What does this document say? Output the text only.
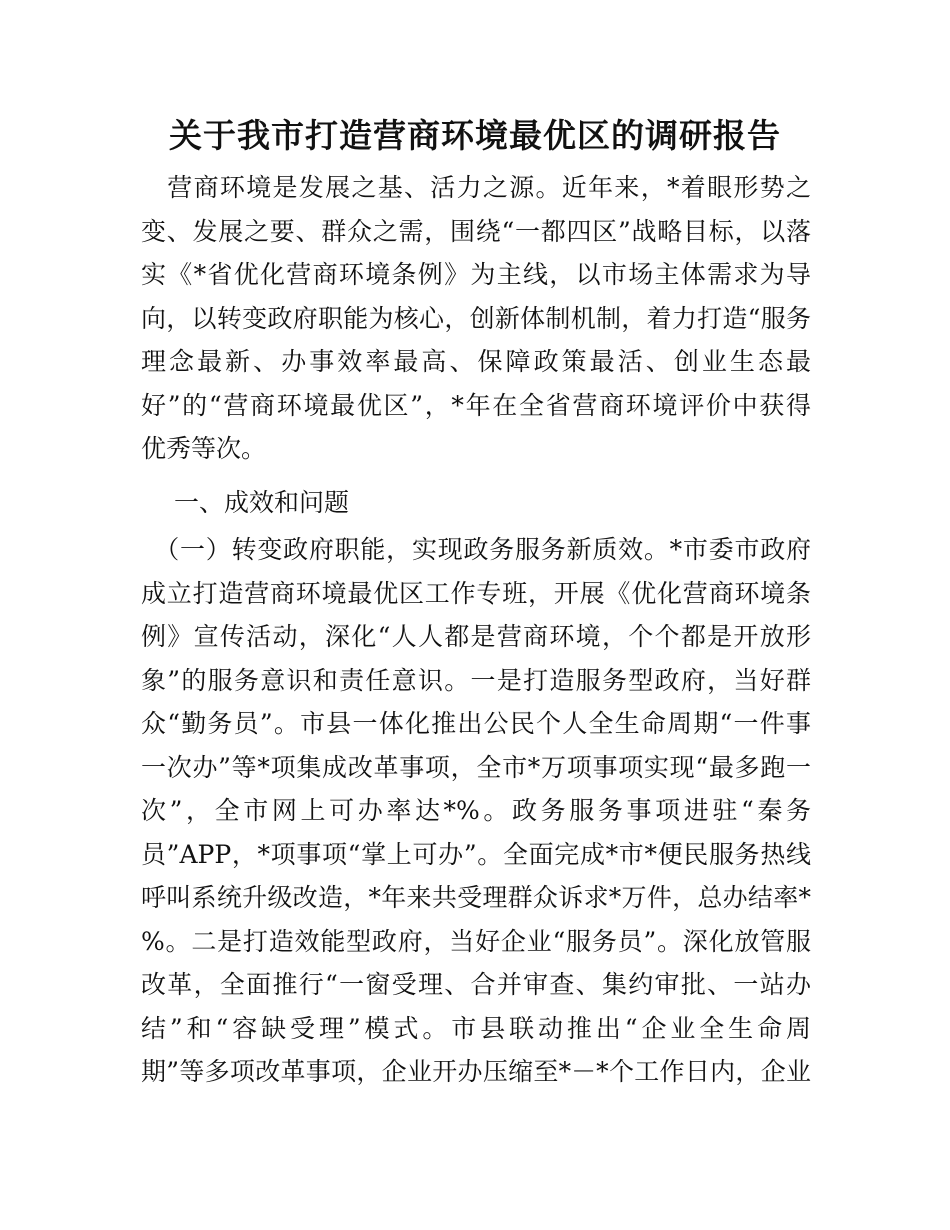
关于我市打造营商环境最优区的调研报告
　营商环境是发展之基、活力之源。近年来，*着眼形势之
变、发展之要、群众之需，围绕“一都四区”战略目标，以落
实《*省优化营商环境条例》为主线，以市场主体需求为导
向，以转变政府职能为核心，创新体制机制，着力打造“服务
理念最新、办事效率最高、保障政策最活、创业生态最
好”的“营商环境最优区”，*年在全省营商环境评价中获得
优秀等次。

一、成效和问题

　（一）转变政府职能，实现政务服务新质效。*市委市政府
成立打造营商环境最优区工作专班，开展《优化营商环境条
例》宣传活动，深化“人人都是营商环境，个个都是开放形
象”的服务意识和责任意识。一是打造服务型政府，当好群
众“勤务员”。市县一体化推出公民个人全生命周期“一件事
一次办”等*项集成改革事项，全市*万项事项实现“最多跑一
次”，全市网上可办率达*%。政务服务事项进驻“秦务
员”APP，*项事项“掌上可办”。全面完成*市*便民服务热线
呼叫系统升级改造，*年来共受理群众诉求*万件，总办结率*
%。二是打造效能型政府，当好企业“服务员”。深化放管服
改革，全面推行“一窗受理、合并审查、集约审批、一站办
结”和“容缺受理”模式。市县联动推出“企业全生命周
期”等多项改革事项，企业开办压缩至*－*个工作日内，企业
